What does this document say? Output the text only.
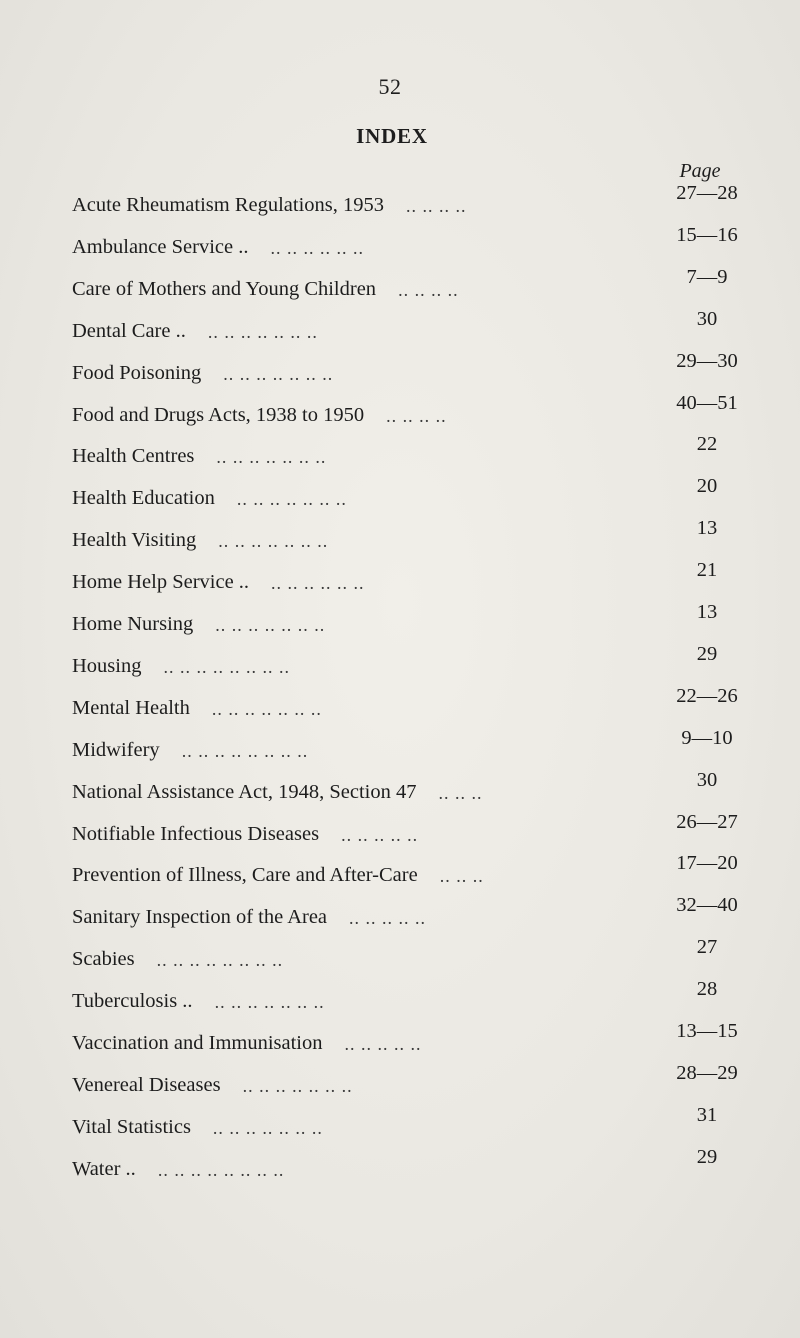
52
INDEX
Page
Acute Rheumatism Regulations, 1953 .. .. .. ..
27—28
Ambulance Service .. .. .. .. .. .. ..
15—16
Care of Mothers and Young Children .. .. .. ..
7—9
Dental Care .. .. .. .. .. .. .. ..
30
Food Poisoning .. .. .. .. .. .. ..
29—30
Food and Drugs Acts, 1938 to 1950 .. .. .. ..
40—51
Health Centres .. .. .. .. .. .. ..
22
Health Education .. .. .. .. .. .. ..
20
Health Visiting .. .. .. .. .. .. ..
13
Home Help Service .. .. .. .. .. .. ..
21
Home Nursing .. .. .. .. .. .. ..
13
Housing .. .. .. .. .. .. .. ..
29
Mental Health .. .. .. .. .. .. ..
22—26
Midwifery .. .. .. .. .. .. .. ..
9—10
National Assistance Act, 1948, Section 47 .. .. ..
30
Notifiable Infectious Diseases .. .. .. .. ..
26—27
Prevention of Illness, Care and After-Care .. .. ..
17—20
Sanitary Inspection of the Area .. .. .. .. ..
32—40
Scabies .. .. .. .. .. .. .. ..
27
Tuberculosis .. .. .. .. .. .. .. ..
28
Vaccination and Immunisation .. .. .. .. ..
13—15
Venereal Diseases .. .. .. .. .. .. ..
28—29
Vital Statistics .. .. .. .. .. .. ..
31
Water .. .. .. .. .. .. .. .. ..
29
